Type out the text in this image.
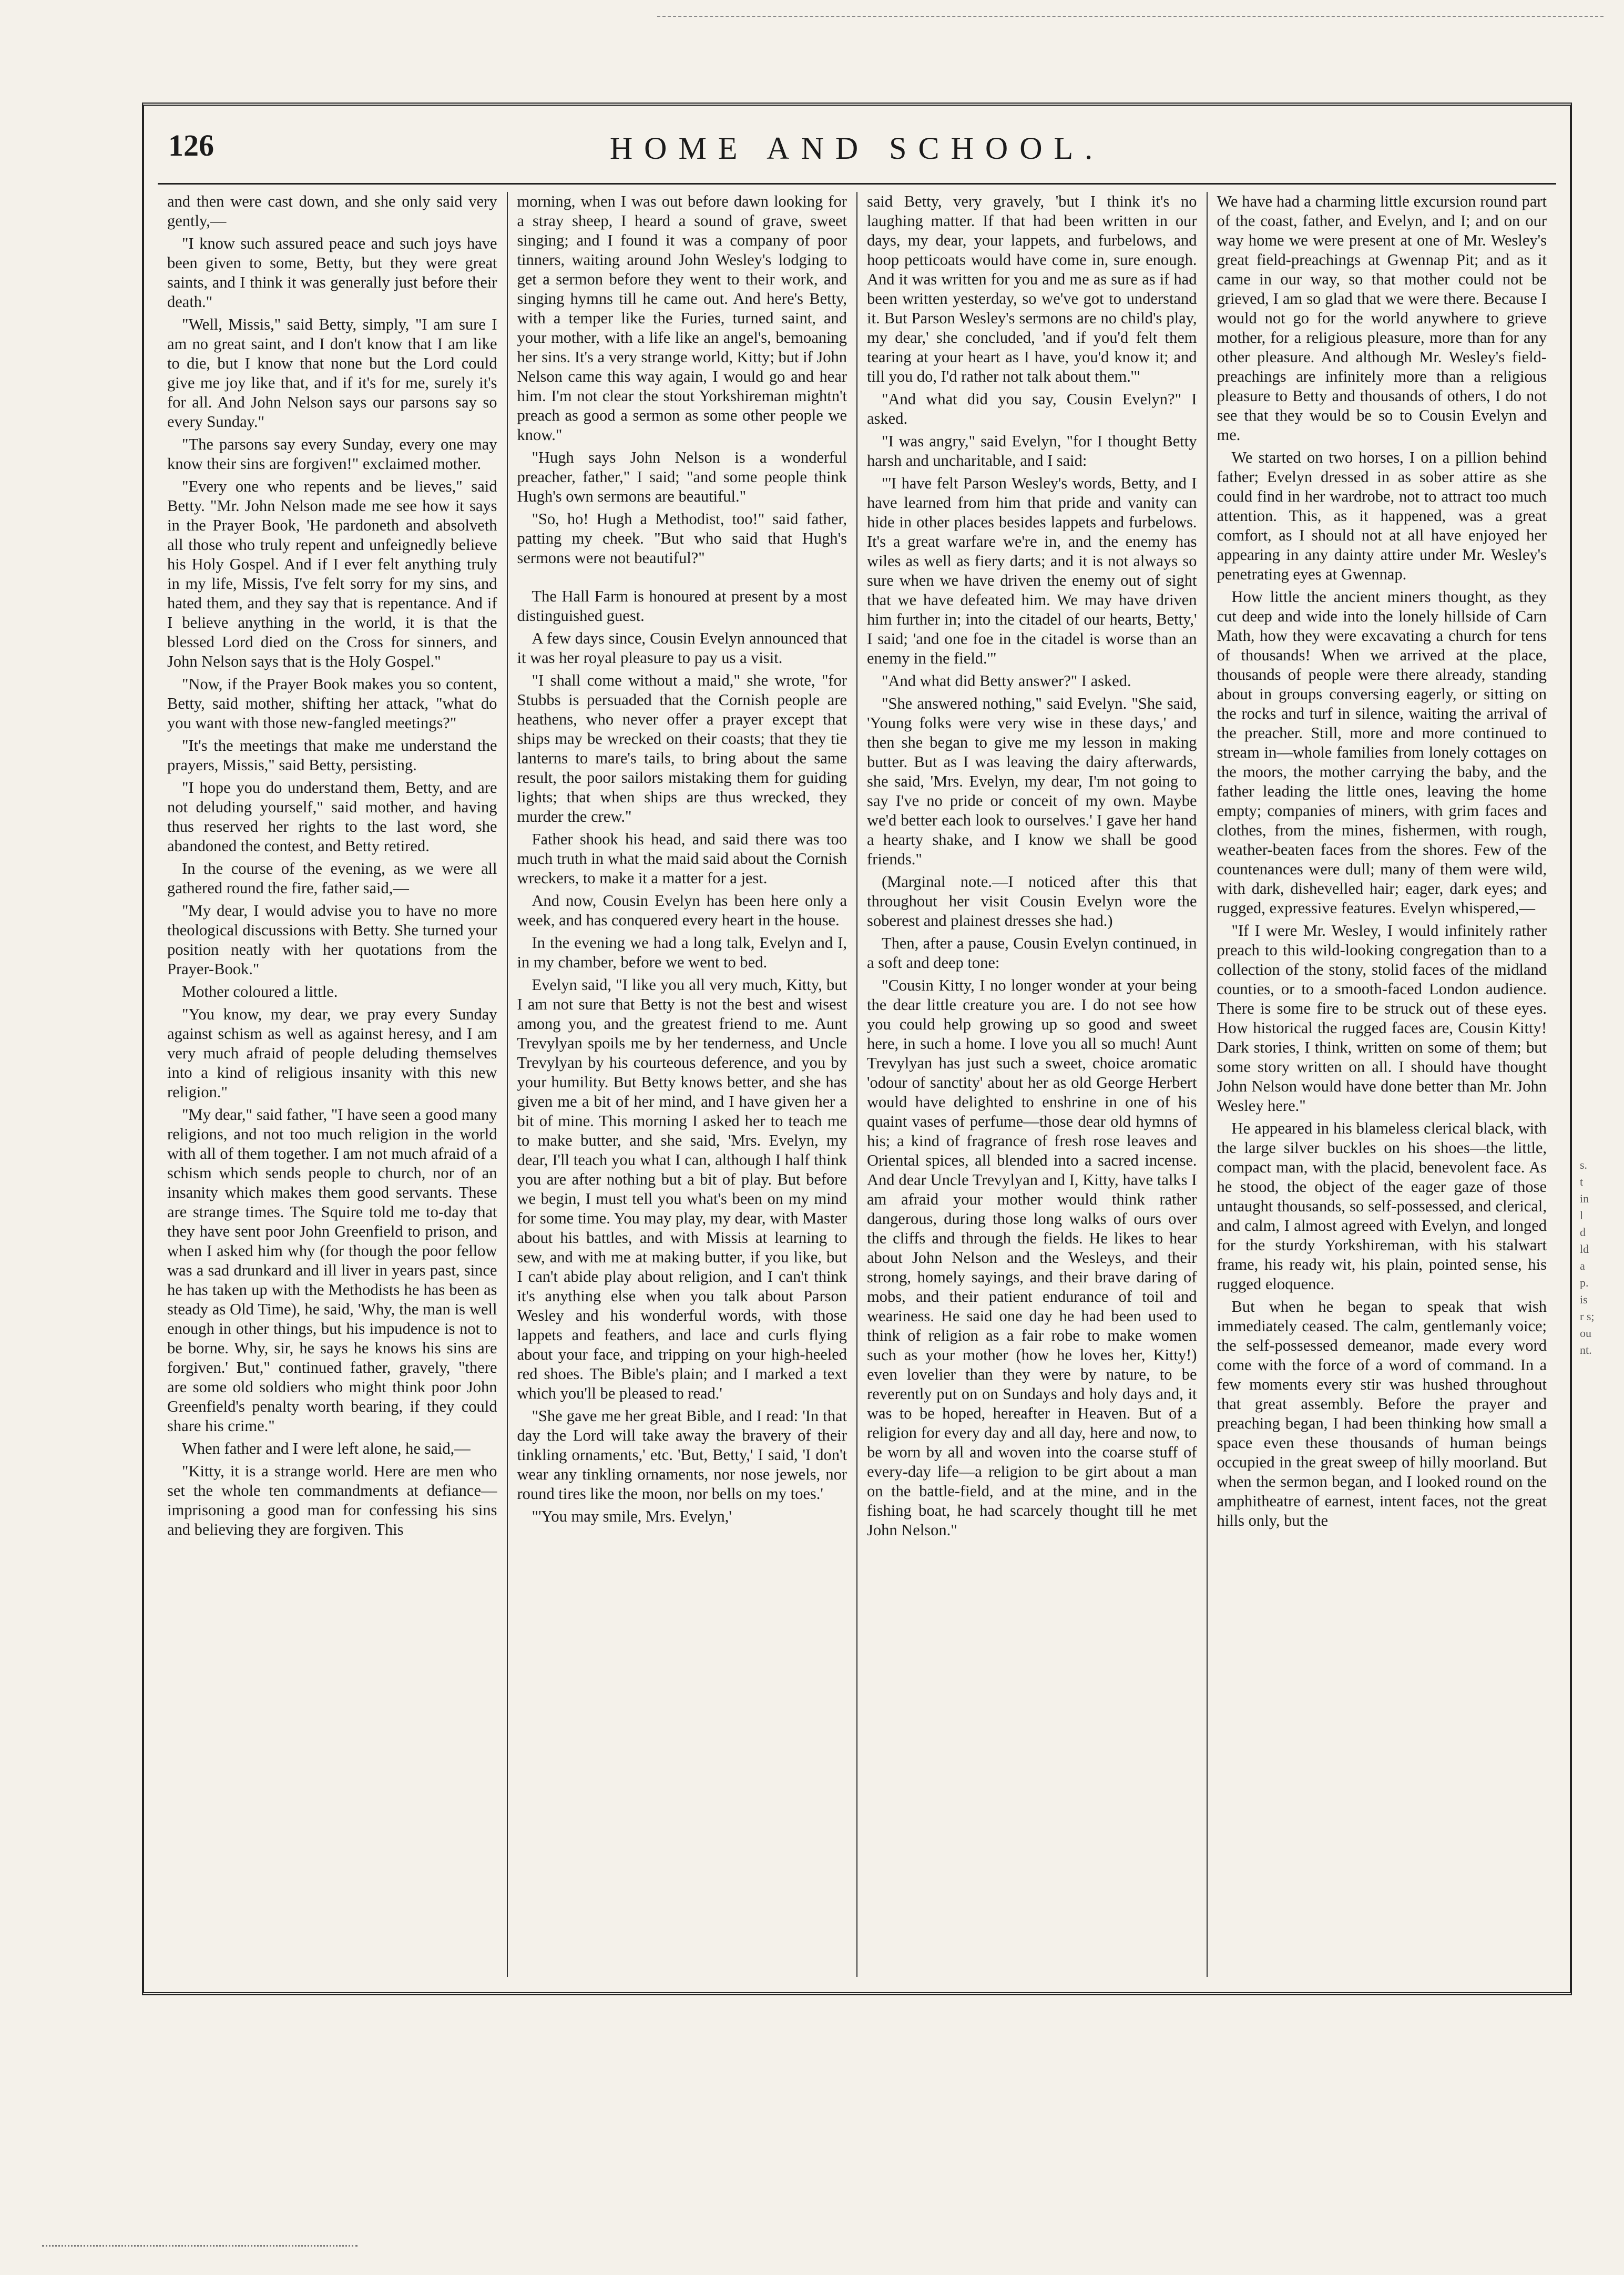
126	HOME AND SCHOOL.

and then were cast down, and she only said very gently,—

"I know such assured peace and such joys have been given to some, Betty, but they were great saints, and I think it was generally just before their death."

"Well, Missis," said Betty, simply, "I am sure I am no great saint, and I don't know that I am like to die, but I know that none but the Lord could give me joy like that, and if it's for me, surely it's for all. And John Nelson says our parsons say so every Sunday."

"The parsons say every Sunday, every one may know their sins are forgiven!" exclaimed mother.

"Every one who repents and be lieves," said Betty. "Mr. John Nelson made me see how it says in the Prayer Book, 'He pardoneth and absolveth all those who truly repent and unfeignedly believe his Holy Gospel. And if I ever felt anything truly in my life, Missis, I've felt sorry for my sins, and hated them, and they say that is repentance. And if I believe anything in the world, it is that the blessed Lord died on the Cross for sinners, and John Nelson says that is the Holy Gospel."

"Now, if the Prayer Book makes you so content, Betty, said mother, shifting her attack, "what do you want with those new-fangled meetings?"

"It's the meetings that make me understand the prayers, Missis," said Betty, persisting.

"I hope you do understand them, Betty, and are not deluding yourself," said mother, and having thus reserved her rights to the last word, she abandoned the contest, and Betty retired.

In the course of the evening, as we were all gathered round the fire, father said,—

"My dear, I would advise you to have no more theological discussions with Betty. She turned your position neatly with her quotations from the Prayer-Book."

Mother coloured a little.

"You know, my dear, we pray every Sunday against schism as well as against heresy, and I am very much afraid of people deluding themselves into a kind of religious insanity with this new religion."

"My dear," said father, "I have seen a good many religions, and not too much religion in the world with all of them together. I am not much afraid of a schism which sends people to church, nor of an insanity which makes them good servants. These are strange times. The Squire told me to-day that they have sent poor John Greenfield to prison, and when I asked him why (for though the poor fellow was a sad drunkard and ill liver in years past, since he has taken up with the Methodists he has been as steady as Old Time), he said, 'Why, the man is well enough in other things, but his impudence is not to be borne. Why, sir, he says he knows his sins are forgiven.' But," continued father, gravely, "there are some old soldiers who might think poor John Greenfield's penalty worth bearing, if they could share his crime."

When father and I were left alone, he said,—

"Kitty, it is a strange world. Here are men who set the whole ten commandments at defiance—imprisoning a good man for confessing his sins and believing they are forgiven. This

morning, when I was out before dawn looking for a stray sheep, I heard a sound of grave, sweet singing; and I found it was a company of poor tinners, waiting around John Wesley's lodging to get a sermon before they went to their work, and singing hymns till he came out. And here's Betty, with a temper like the Furies, turned saint, and your mother, with a life like an angel's, bemoaning her sins. It's a very strange world, Kitty; but if John Nelson came this way again, I would go and hear him. I'm not clear the stout Yorkshireman mightn't preach as good a sermon as some other people we know."

"Hugh says John Nelson is a wonderful preacher, father," I said; "and some people think Hugh's own sermons are beautiful."

"So, ho! Hugh a Methodist, too!" said father, patting my cheek. "But who said that Hugh's sermons were not beautiful?"

The Hall Farm is honoured at present by a most distinguished guest.

A few days since, Cousin Evelyn announced that it was her royal pleasure to pay us a visit.

"I shall come without a maid," she wrote, "for Stubbs is persuaded that the Cornish people are heathens, who never offer a prayer except that ships may be wrecked on their coasts; that they tie lanterns to mare's tails, to bring about the same result, the poor sailors mistaking them for guiding lights; that when ships are thus wrecked, they murder the crew."

Father shook his head, and said there was too much truth in what the maid said about the Cornish wreckers, to make it a matter for a jest.

And now, Cousin Evelyn has been here only a week, and has conquered every heart in the house.

In the evening we had a long talk, Evelyn and I, in my chamber, before we went to bed.

Evelyn said, "I like you all very much, Kitty, but I am not sure that Betty is not the best and wisest among you, and the greatest friend to me. Aunt Trevylyan spoils me by her tenderness, and Uncle Trevylyan by his courteous deference, and you by your humility. But Betty knows better, and she has given me a bit of her mind, and I have given her a bit of mine. This morning I asked her to teach me to make butter, and she said, 'Mrs. Evelyn, my dear, I'll teach you what I can, although I half think you are after nothing but a bit of play. But before we begin, I must tell you what's been on my mind for some time. You may play, my dear, with Master about his battles, and with Missis at learning to sew, and with me at making butter, if you like, but I can't abide play about religion, and I can't think it's anything else when you talk about Parson Wesley and his wonderful words, with those lappets and feathers, and lace and curls flying about your face, and tripping on your high-heeled red shoes. The Bible's plain; and I marked a text which you'll be pleased to read.'

"She gave me her great Bible, and I read: 'In that day the Lord will take away the bravery of their tinkling ornaments,' etc. 'But, Betty,' I said, 'I don't wear any tinkling ornaments, nor nose jewels, nor round tires like the moon, nor bells on my toes.'

"'You may smile, Mrs. Evelyn,'

said Betty, very gravely, 'but I think it's no laughing matter. If that had been written in our days, my dear, your lappets, and furbelows, and hoop petticoats would have come in, sure enough. And it was written for you and me as sure as if had been written yesterday, so we've got to understand it. But Parson Wesley's sermons are no child's play, my dear,' she concluded, 'and if you'd felt them tearing at your heart as I have, you'd know it; and till you do, I'd rather not talk about them.'"

"And what did you say, Cousin Evelyn?" I asked.

"I was angry," said Evelyn, "for I thought Betty harsh and uncharitable, and I said:

"'I have felt Parson Wesley's words, Betty, and I have learned from him that pride and vanity can hide in other places besides lappets and furbelows. It's a great warfare we're in, and the enemy has wiles as well as fiery darts; and it is not always so sure when we have driven the enemy out of sight that we have defeated him. We may have driven him further in; into the citadel of our hearts, Betty,' I said; 'and one foe in the citadel is worse than an enemy in the field.'"

"And what did Betty answer?" I asked.

"She answered nothing," said Evelyn. "She said, 'Young folks were very wise in these days,' and then she began to give me my lesson in making butter. But as I was leaving the dairy afterwards, she said, 'Mrs. Evelyn, my dear, I'm not going to say I've no pride or conceit of my own. Maybe we'd better each look to ourselves.' I gave her hand a hearty shake, and I know we shall be good friends."

(Marginal note.—I noticed after this that throughout her visit Cousin Evelyn wore the soberest and plainest dresses she had.)

Then, after a pause, Cousin Evelyn continued, in a soft and deep tone:

"Cousin Kitty, I no longer wonder at your being the dear little creature you are. I do not see how you could help growing up so good and sweet here, in such a home. I love you all so much! Aunt Trevylyan has just such a sweet, choice aromatic 'odour of sanctity' about her as old George Herbert would have delighted to enshrine in one of his quaint vases of perfume—those dear old hymns of his; a kind of fragrance of fresh rose leaves and Oriental spices, all blended into a sacred incense. And dear Uncle Trevylyan and I, Kitty, have talks I am afraid your mother would think rather dangerous, during those long walks of ours over the cliffs and through the fields. He likes to hear about John Nelson and the Wesleys, and their strong, homely sayings, and their brave daring of mobs, and their patient endurance of toil and weariness. He said one day he had been used to think of religion as a fair robe to make women such as your mother (how he loves her, Kitty!) even lovelier than they were by nature, to be reverently put on on Sundays and holy days and, it was to be hoped, hereafter in Heaven. But of a religion for every day and all day, here and now, to be worn by all and woven into the coarse stuff of every-day life—a religion to be girt about a man on the battle-field, and at the mine, and in the fishing boat, he had scarcely thought till he met John Nelson."

We have had a charming little excursion round part of the coast, father, and Evelyn, and I; and on our way home we were present at one of Mr. Wesley's great field-preachings at Gwennap Pit; and as it came in our way, so that mother could not be grieved, I am so glad that we were there. Because I would not go for the world anywhere to grieve mother, for a religious pleasure, more than for any other pleasure. And although Mr. Wesley's field-preachings are infinitely more than a religious pleasure to Betty and thousands of others, I do not see that they would be so to Cousin Evelyn and me.

We started on two horses, I on a pillion behind father; Evelyn dressed in as sober attire as she could find in her wardrobe, not to attract too much attention. This, as it happened, was a great comfort, as I should not at all have enjoyed her appearing in any dainty attire under Mr. Wesley's penetrating eyes at Gwennap.

How little the ancient miners thought, as they cut deep and wide into the lonely hillside of Carn Math, how they were excavating a church for tens of thousands! When we arrived at the place, thousands of people were there already, standing about in groups conversing eagerly, or sitting on the rocks and turf in silence, waiting the arrival of the preacher. Still, more and more continued to stream in—whole families from lonely cottages on the moors, the mother carrying the baby, and the father leading the little ones, leaving the home empty; companies of miners, with grim faces and clothes, from the mines, fishermen, with rough, weather-beaten faces from the shores. Few of the countenances were dull; many of them were wild, with dark, dishevelled hair; eager, dark eyes; and rugged, expressive features. Evelyn whispered,—

"If I were Mr. Wesley, I would infinitely rather preach to this wild-looking congregation than to a collection of the stony, stolid faces of the midland counties, or to a smooth-faced London audience. There is some fire to be struck out of these eyes. How historical the rugged faces are, Cousin Kitty! Dark stories, I think, written on some of them; but some story written on all. I should have thought John Nelson would have done better than Mr. John Wesley here."

He appeared in his blameless clerical black, with the large silver buckles on his shoes—the little, compact man, with the placid, benevolent face. As he stood, the object of the eager gaze of those untaught thousands, so self-possessed, and clerical, and calm, I almost agreed with Evelyn, and longed for the sturdy Yorkshireman, with his stalwart frame, his ready wit, his plain, pointed sense, his rugged eloquence.

But when he began to speak that wish immediately ceased. The calm, gentlemanly voice; the self-possessed demeanor, made every word come with the force of a word of command. In a few moments every stir was hushed throughout that great assembly. Before the prayer and preaching began, I had been thinking how small a space even these thousands of human beings occupied in the great sweep of hilly moorland. But when the sermon began, and I looked round on the amphitheatre of earnest, intent faces, not the great hills only, but the

s.
t
in
l
d
ld
a
p.
is
r s;
ou
nt.
